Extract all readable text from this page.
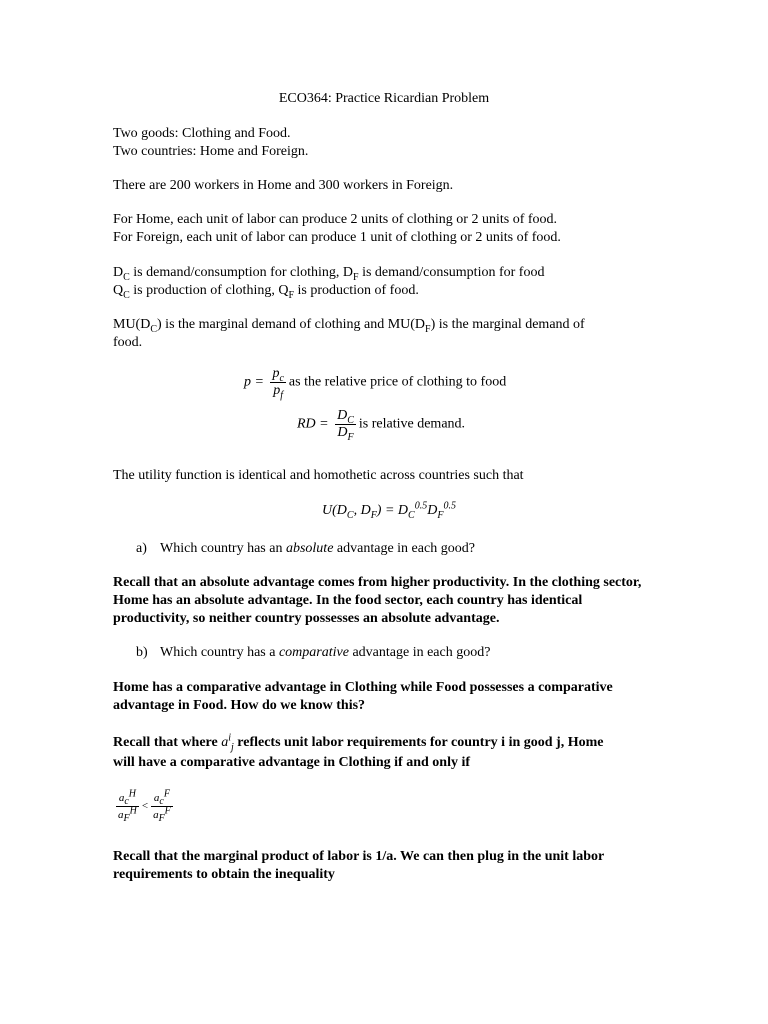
ECO364: Practice Ricardian Problem
Two goods: Clothing and Food.
Two countries: Home and Foreign.
There are 200 workers in Home and 300 workers in Foreign.
For Home, each unit of labor can produce 2 units of clothing or 2 units of food.
For Foreign, each unit of labor can produce 1 unit of clothing or 2 units of food.
$D_C$ is demand/consumption for clothing, $D_F$ is demand/consumption for food
$Q_C$ is production of clothing, $Q_F$ is production of food.
$MU(D_C)$ is the marginal demand of clothing and $MU(D_F)$ is the marginal demand of
food.
$p = \frac{p_c}{p_f}$ as the relative price of clothing to food
RD = $\frac{D_C}{D_F}$ is relative demand.
The utility function is identical and homothetic across countries such that
$U(D_C$, $D_F) = D_C^{0.5}D_F^{0.5}$
a) Which country has an absolute advantage in each good?
Recall that an absolute advantage comes from higher productivity. In the clothing sector, Home has an absolute advantage. In the food sector, each country has identical productivity, so neither country possesses an absolute advantage.
b) Which country has a comparative advantage in each good?
Home has a comparative advantage in Clothing while Food possesses a comparative advantage in Food. How do we know this?
Recall that where $a^i_j$ reflects unit labor requirements for country i in good j, Home
will have a comparative advantage in Clothing if and only if
$\frac{a_c^H}{a_F^H} < \frac{a_c^F}{a_F^F}$
Recall that the marginal product of labor is 1/a. We can then plug in the unit labor requirements to obtain the inequality
